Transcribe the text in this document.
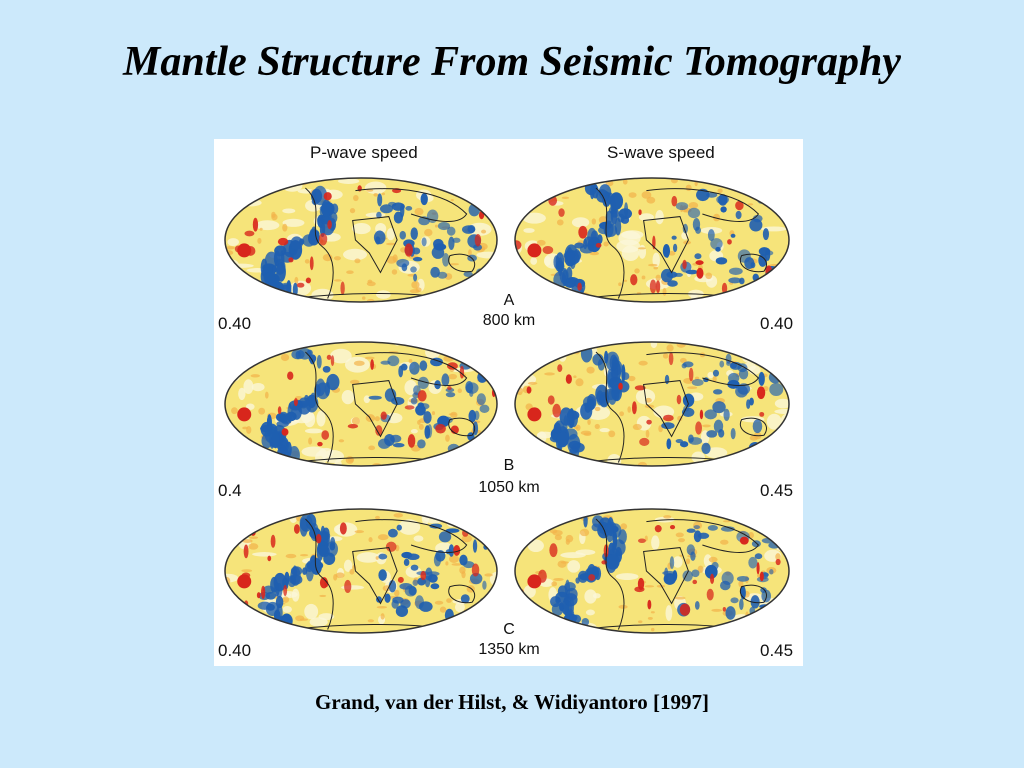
Mantle Structure From Seismic Tomography
P-wave speed	S-wave speed
A
800 km
0.40	0.40
B
1050 km
0.4	0.45
C
1350 km
0.40	0.45
Grand, van der Hilst, & Widiyantoro [1997]
